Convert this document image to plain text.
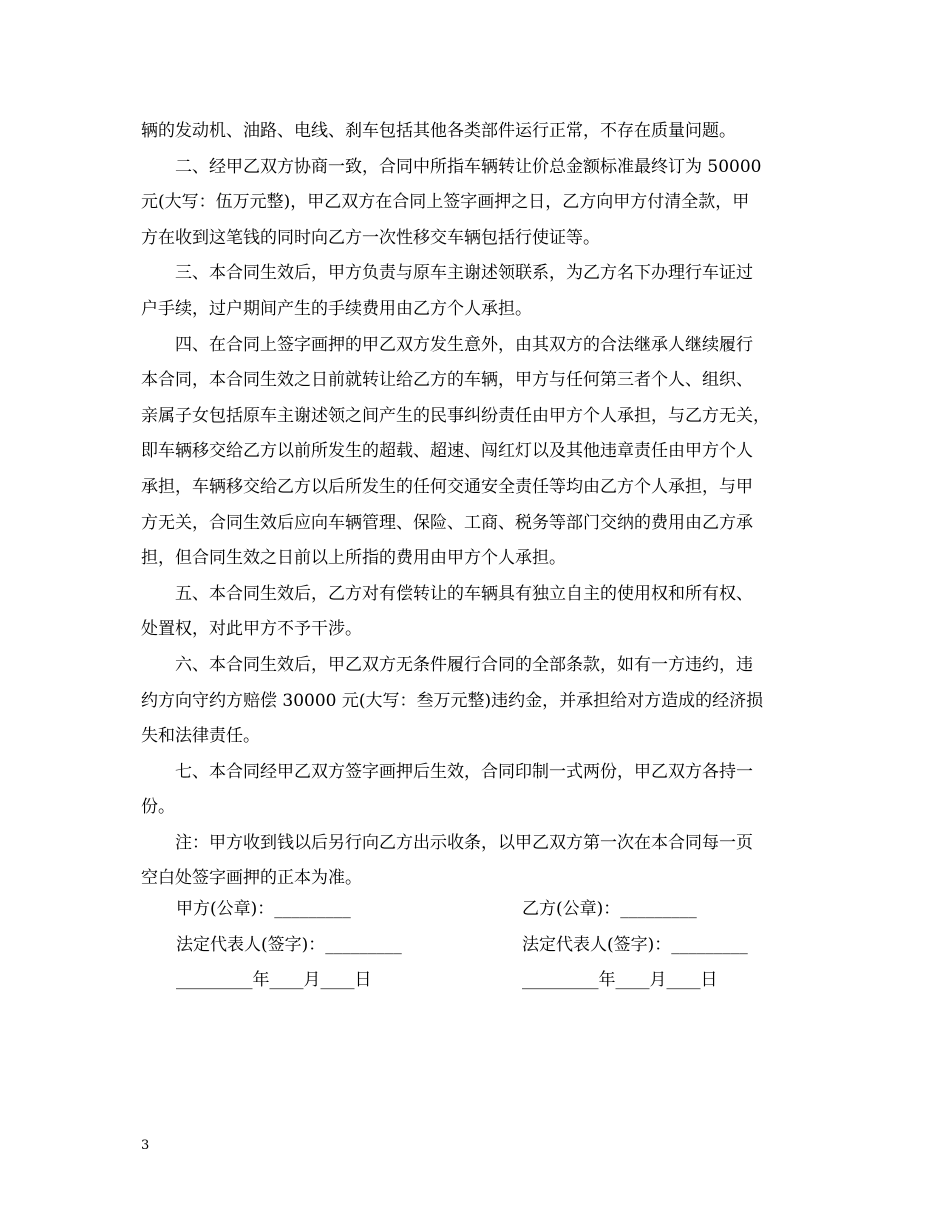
辆的发动机、油路、电线、刹车包括其他各类部件运行正常，不存在质量问题。

二、经甲乙双方协商一致，合同中所指车辆转让价总金额标准最终订为 50000
元(大写：伍万元整)，甲乙双方在合同上签字画押之日，乙方向甲方付清全款，甲
方在收到这笔钱的同时向乙方一次性移交车辆包括行使证等。

三、本合同生效后，甲方负责与原车主谢述领联系，为乙方名下办理行车证过
户手续，过户期间产生的手续费用由乙方个人承担。

四、在合同上签字画押的甲乙双方发生意外，由其双方的合法继承人继续履行
本合同，本合同生效之日前就转让给乙方的车辆，甲方与任何第三者个人、组织、
亲属子女包括原车主谢述领之间产生的民事纠纷责任由甲方个人承担，与乙方无关，
即车辆移交给乙方以前所发生的超载、超速、闯红灯以及其他违章责任由甲方个人
承担，车辆移交给乙方以后所发生的任何交通安全责任等均由乙方个人承担，与甲
方无关，合同生效后应向车辆管理、保险、工商、税务等部门交纳的费用由乙方承
担，但合同生效之日前以上所指的费用由甲方个人承担。

五、本合同生效后，乙方对有偿转让的车辆具有独立自主的使用权和所有权、
处置权，对此甲方不予干涉。

六、本合同生效后，甲乙双方无条件履行合同的全部条款，如有一方违约，违
约方向守约方赔偿 30000 元(大写：叁万元整)违约金，并承担给对方造成的经济损
失和法律责任。

七、本合同经甲乙双方签字画押后生效，合同印制一式两份，甲乙双方各持一
份。

注：甲方收到钱以后另行向乙方出示收条，以甲乙双方第一次在本合同每一页
空白处签字画押的正本为准。

甲方(公章)：_________	乙方(公章)：_________
法定代表人(签字)：_________	法定代表人(签字)：_________
_________年____月____日	_________年____月____日
3
